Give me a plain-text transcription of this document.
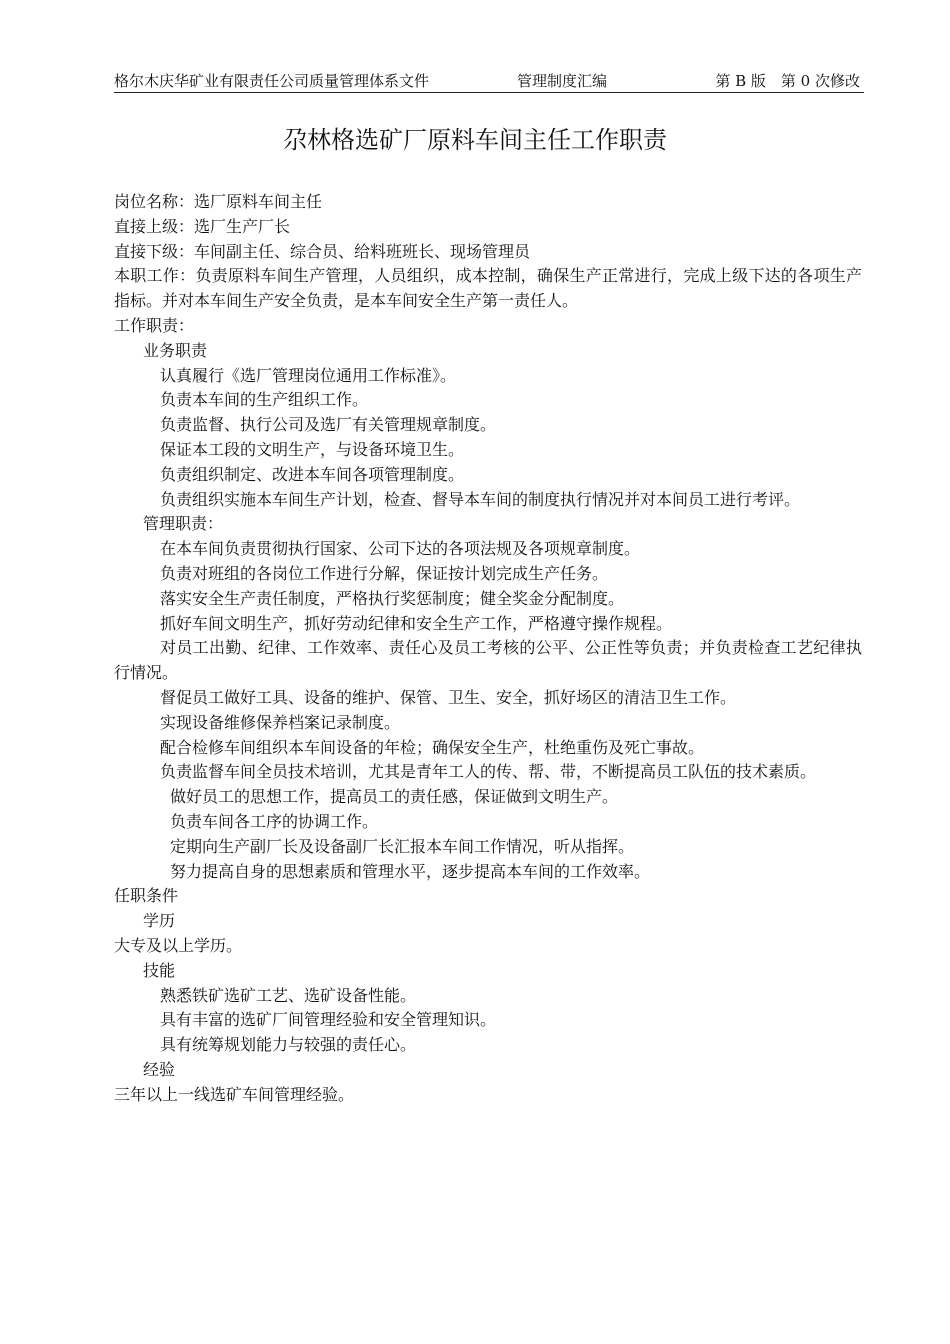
格尔木庆华矿业有限责任公司质量管理体系文件	管理制度汇编	第 B 版　第 0 次修改
尕林格选矿厂原料车间主任工作职责

岗位名称：选厂原料车间主任

直接上级：选厂生产厂长

直接下级：车间副主任、综合员、给料班班长、现场管理员

本职工作：负责原料车间生产管理，人员组织，成本控制，确保生产正常进行，完成上级下达的各项生产指标。并对本车间生产安全负责，是本车间安全生产第一责任人。

工作职责：

业务职责

认真履行《选厂管理岗位通用工作标准》。

负责本车间的生产组织工作。

负责监督、执行公司及选厂有关管理规章制度。

保证本工段的文明生产，与设备环境卫生。

负责组织制定、改进本车间各项管理制度。

负责组织实施本车间生产计划，检查、督导本车间的制度执行情况并对本间员工进行考评。

管理职责：

在本车间负责贯彻执行国家、公司下达的各项法规及各项规章制度。

负责对班组的各岗位工作进行分解，保证按计划完成生产任务。

落实安全生产责任制度，严格执行奖惩制度；健全奖金分配制度。

抓好车间文明生产，抓好劳动纪律和安全生产工作，严格遵守操作规程。

对员工出勤、纪律、工作效率、责任心及员工考核的公平、公正性等负责；并负责检查工艺纪律执行情况。

督促员工做好工具、设备的维护、保管、卫生、安全，抓好场区的清洁卫生工作。

实现设备维修保养档案记录制度。

配合检修车间组织本车间设备的年检；确保安全生产，杜绝重伤及死亡事故。

负责监督车间全员技术培训，尤其是青年工人的传、帮、带，不断提高员工队伍的技术素质。

做好员工的思想工作，提高员工的责任感，保证做到文明生产。

负责车间各工序的协调工作。

定期向生产副厂长及设备副厂长汇报本车间工作情况，听从指挥。

努力提高自身的思想素质和管理水平，逐步提高本车间的工作效率。

任职条件

学历

大专及以上学历。

技能

熟悉铁矿选矿工艺、选矿设备性能。

具有丰富的选矿厂间管理经验和安全管理知识。

具有统筹规划能力与较强的责任心。

经验

三年以上一线选矿车间管理经验。
